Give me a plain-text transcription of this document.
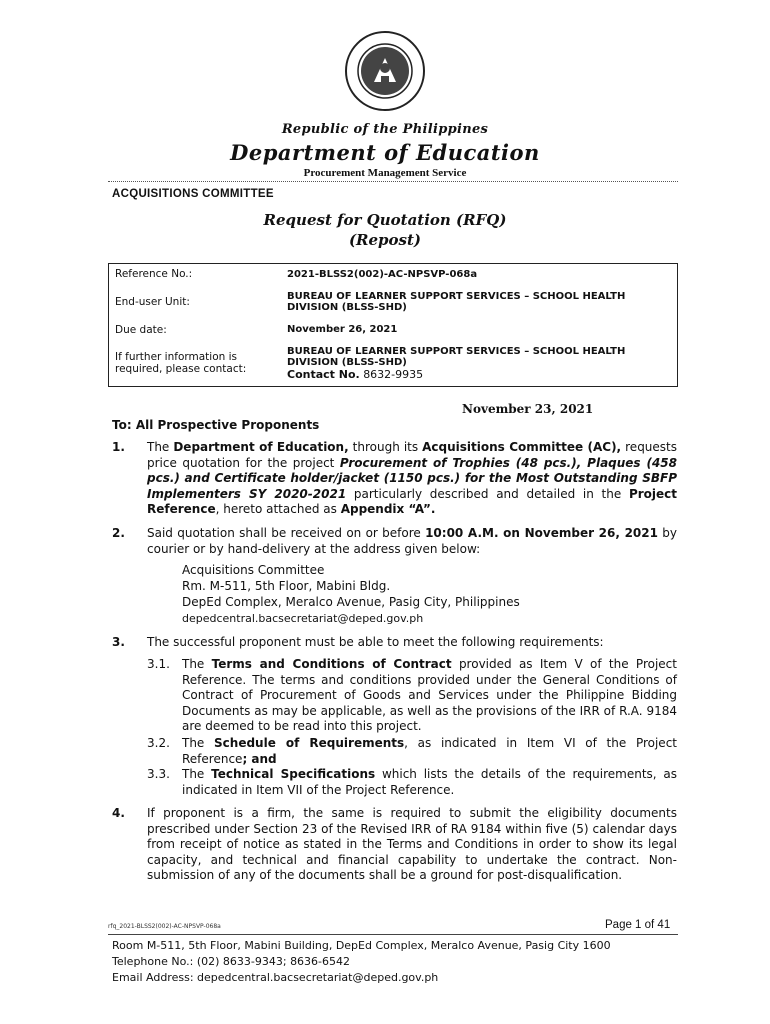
Republic of the Philippines
Department of Education
Procurement Management Service
ACQUISITIONS COMMITTEE
Request for Quotation (RFQ)
(Repost)
Reference No.:	2021-BLSS2(002)-AC-NPSVP-068a
End-user Unit:	BUREAU OF LEARNER SUPPORT SERVICES – SCHOOL HEALTH DIVISION (BLSS-SHD)
Due date:	November 26, 2021
If further information is required, please contact:	BUREAU OF LEARNER SUPPORT SERVICES – SCHOOL HEALTH DIVISION (BLSS-SHD)
Contact No. 8632-9935
November 23, 2021
To: All Prospective Proponents
1. The Department of Education, through its Acquisitions Committee (AC), requests price quotation for the project Procurement of Trophies (48 pcs.), Plaques (458 pcs.) and Certificate holder/jacket (1150 pcs.) for the Most Outstanding SBFP Implementers SY 2020-2021 particularly described and detailed in the Project Reference, hereto attached as Appendix “A”.
2. Said quotation shall be received on or before 10:00 A.M. on November 26, 2021 by courier or by hand-delivery at the address given below:
Acquisitions Committee
Rm. M-511, 5th Floor, Mabini Bldg.
DepEd Complex, Meralco Avenue, Pasig City, Philippines
depedcentral.bacsecretariat@deped.gov.ph
3. The successful proponent must be able to meet the following requirements:
3.1.	The Terms and Conditions of Contract provided as Item V of the Project Reference. The terms and conditions provided under the General Conditions of Contract of Procurement of Goods and Services under the Philippine Bidding Documents as may be applicable, as well as the provisions of the IRR of R.A. 9184 are deemed to be read into this project.
3.2.	The Schedule of Requirements, as indicated in Item VI of the Project Reference; and
3.3.	The Technical Specifications which lists the details of the requirements, as indicated in Item VII of the Project Reference.
4. If proponent is a firm, the same is required to submit the eligibility documents prescribed under Section 23 of the Revised IRR of RA 9184 within five (5) calendar days from receipt of notice as stated in the Terms and Conditions in order to show its legal capacity, and technical and financial capability to undertake the contract. Non-submission of any of the documents shall be a ground for post-disqualification.
rfq_2021-BLSS2(002)-AC-NPSVP-068a	Page 1 of 41
Room M-511, 5th Floor, Mabini Building, DepEd Complex, Meralco Avenue, Pasig City 1600
Telephone No.: (02) 8633-9343; 8636-6542
Email Address: depedcentral.bacsecretariat@deped.gov.ph
